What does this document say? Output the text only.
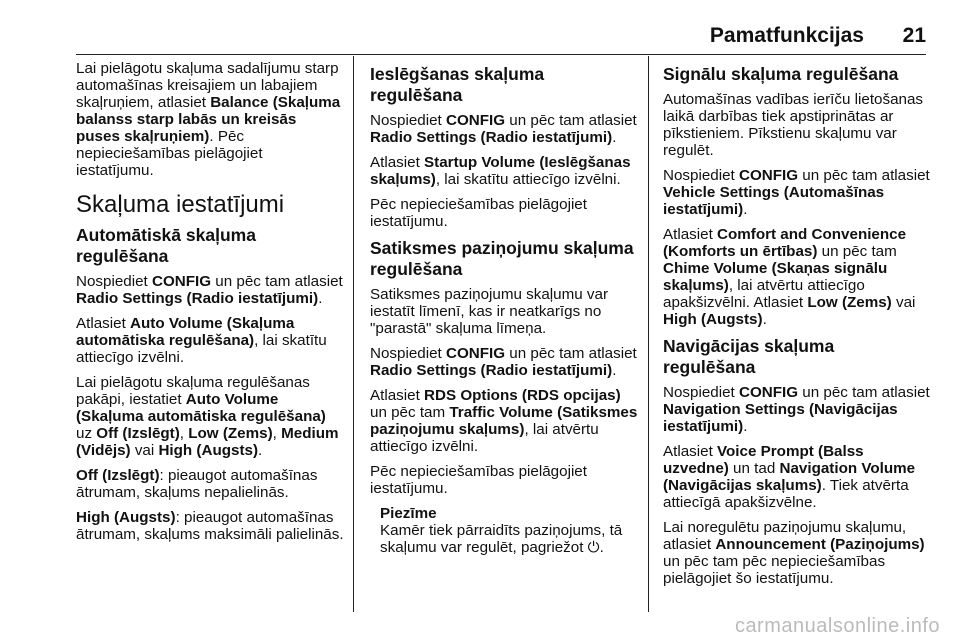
Pamatfunkcijas 21

Lai pielāgotu skaļuma sadalījumu starp automašīnas kreisajiem un labajiem skaļruņiem, atlasiet Balance (Skaļuma balanss starp labās un kreisās puses skaļruņiem). Pēc nepieciešamības pielāgojiet iestatījumu.

Skaļuma iestatījumi
Automātiskā skaļuma regulēšana

Nospiediet CONFIG un pēc tam atlasiet Radio Settings (Radio iestatījumi).

Atlasiet Auto Volume (Skaļuma automātiska regulēšana), lai skatītu attiecīgo izvēlni.

Lai pielāgotu skaļuma regulēšanas pakāpi, iestatiet Auto Volume (Skaļuma automātiska regulēšana) uz Off (Izslēgt), Low (Zems), Medium (Vidējs) vai High (Augsts).

Off (Izslēgt): pieaugot automašīnas ātrumam, skaļums nepalielinās.

High (Augsts): pieaugot automašīnas ātrumam, skaļums maksimāli palielinās.

Ieslēgšanas skaļuma regulēšana

Nospiediet CONFIG un pēc tam atlasiet Radio Settings (Radio iestatījumi).

Atlasiet Startup Volume (Ieslēgšanas skaļums), lai skatītu attiecīgo izvēlni.

Pēc nepieciešamības pielāgojiet iestatījumu.

Satiksmes paziņojumu skaļuma regulēšana

Satiksmes paziņojumu skaļumu var iestatīt līmenī, kas ir neatkarīgs no "parastā" skaļuma līmeņa.

Nospiediet CONFIG un pēc tam atlasiet Radio Settings (Radio iestatījumi).

Atlasiet RDS Options (RDS opcijas) un pēc tam Traffic Volume (Satiksmes paziņojumu skaļums), lai atvērtu attiecīgo izvēlni.

Pēc nepieciešamības pielāgojiet iestatījumu.

Piezīme
Kamēr tiek pārraidīts paziņojums, tā skaļumu var regulēt, pagriežot ⏻.
Signālu skaļuma regulēšana

Automašīnas vadības ierīču lietošanas laikā darbības tiek apstiprinātas ar pīkstieniem. Pīkstienu skaļumu var regulēt.

Nospiediet CONFIG un pēc tam atlasiet Vehicle Settings (Automašīnas iestatījumi).

Atlasiet Comfort and Convenience (Komforts un ērtības) un pēc tam Chime Volume (Skaņas signālu skaļums), lai atvērtu attiecīgo apakšizvēlni. Atlasiet Low (Zems) vai High (Augsts).

Navigācijas skaļuma regulēšana

Nospiediet CONFIG un pēc tam atlasiet Navigation Settings (Navigācijas iestatījumi).

Atlasiet Voice Prompt (Balss uzvedne) un tad Navigation Volume (Navigācijas skaļums). Tiek atvērta attiecīgā apakšizvēlne.

Lai noregulētu paziņojumu skaļumu, atlasiet Announcement (Paziņojums) un pēc tam pēc nepieciešamības pielāgojiet šo iestatījumu.

carmanualsonline.info
